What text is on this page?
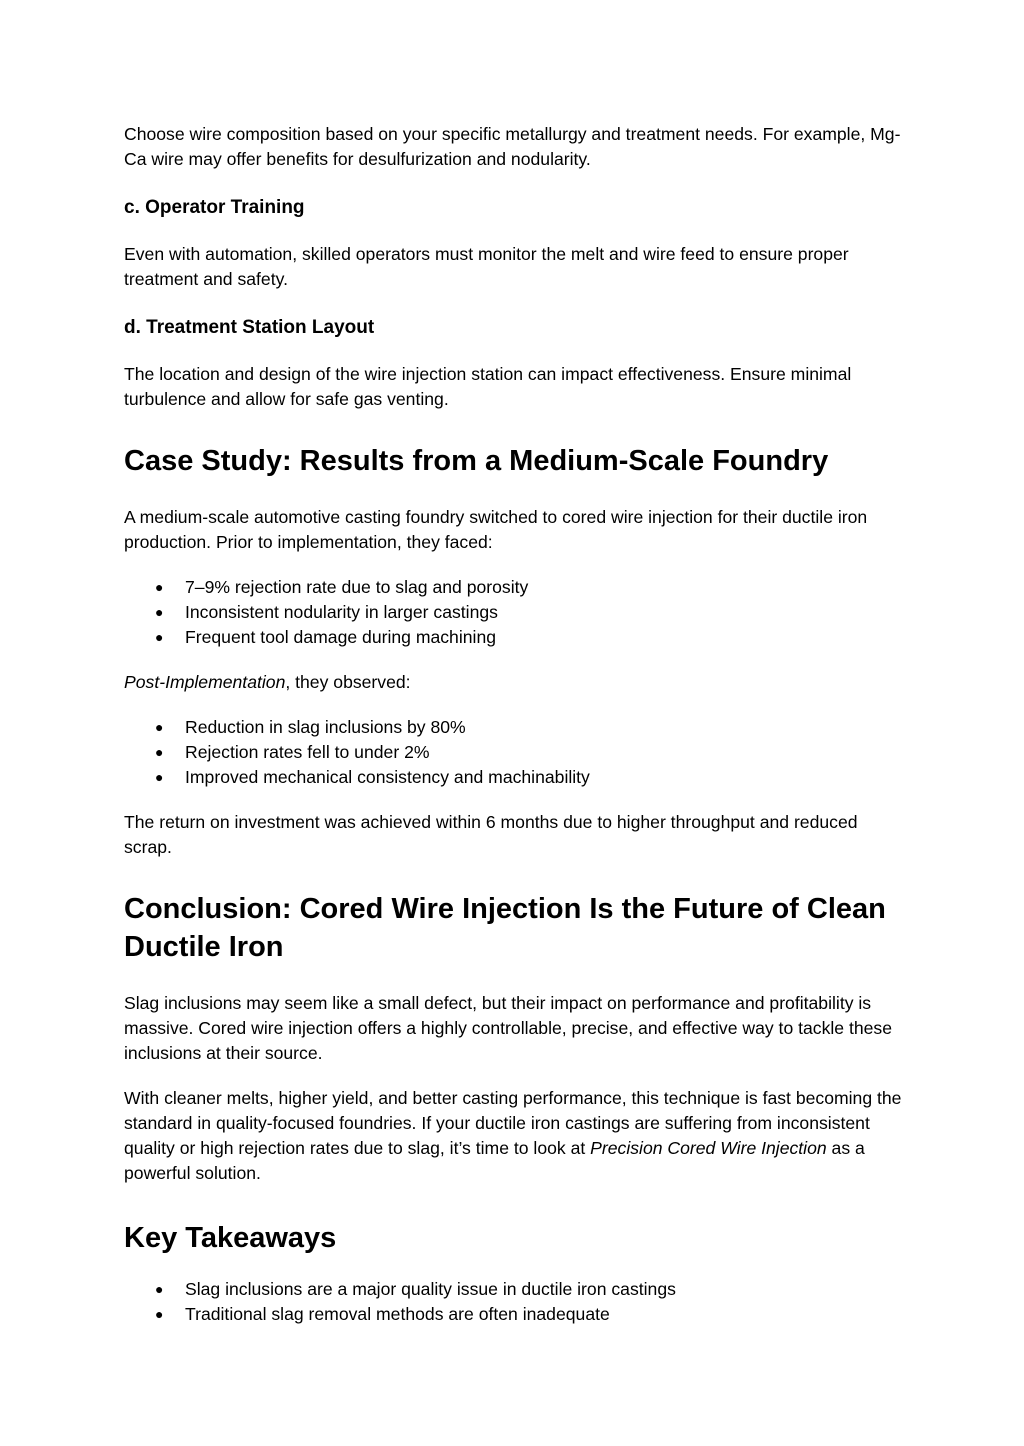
Choose wire composition based on your specific metallurgy and treatment needs. For example, Mg-Ca wire may offer benefits for desulfurization and nodularity.

c. Operator Training

Even with automation, skilled operators must monitor the melt and wire feed to ensure proper treatment and safety.

d. Treatment Station Layout

The location and design of the wire injection station can impact effectiveness. Ensure minimal turbulence and allow for safe gas venting.

Case Study: Results from a Medium-Scale Foundry

A medium-scale automotive casting foundry switched to cored wire injection for their ductile iron production. Prior to implementation, they faced:

● 7–9% rejection rate due to slag and porosity
● Inconsistent nodularity in larger castings
● Frequent tool damage during machining

Post-Implementation, they observed:

● Reduction in slag inclusions by 80%
● Rejection rates fell to under 2%
● Improved mechanical consistency and machinability

The return on investment was achieved within 6 months due to higher throughput and reduced scrap.

Conclusion: Cored Wire Injection Is the Future of Clean Ductile Iron

Slag inclusions may seem like a small defect, but their impact on performance and profitability is massive. Cored wire injection offers a highly controllable, precise, and effective way to tackle these inclusions at their source.

With cleaner melts, higher yield, and better casting performance, this technique is fast becoming the standard in quality-focused foundries. If your ductile iron castings are suffering from inconsistent quality or high rejection rates due to slag, it’s time to look at Precision Cored Wire Injection as a powerful solution.

Key Takeaways
● Slag inclusions are a major quality issue in ductile iron castings
● Traditional slag removal methods are often inadequate
